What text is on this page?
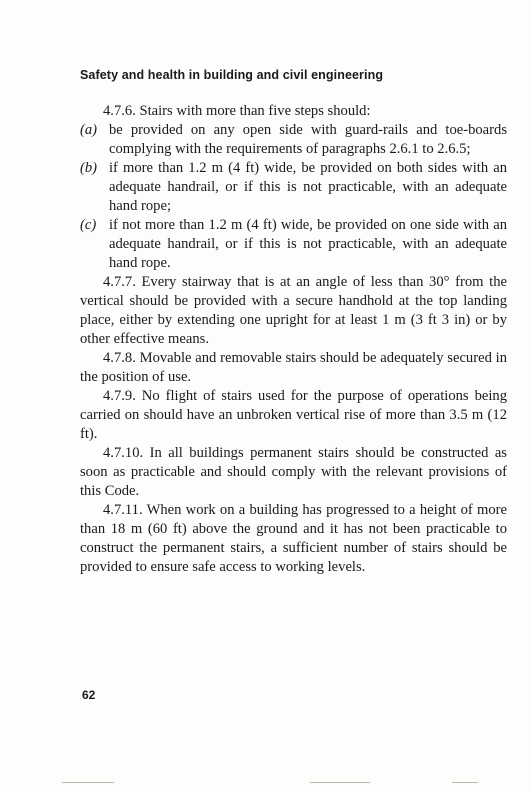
Safety and health in building and civil engineering

4.7.6. Stairs with more than five steps should:

(a) be provided on any open side with guard-rails and toe-boards complying with the requirements of paragraphs 2.6.1 to 2.6.5;
(b) if more than 1.2 m (4 ft) wide, be provided on both sides with an adequate handrail, or if this is not practicable, with an adequate hand rope;
(c) if not more than 1.2 m (4 ft) wide, be provided on one side with an adequate handrail, or if this is not practicable, with an adequate hand rope.

4.7.7. Every stairway that is at an angle of less than 30° from the vertical should be provided with a secure handhold at the top landing place, either by extending one upright for at least 1 m (3 ft 3 in) or by other effective means.

4.7.8. Movable and removable stairs should be adequately secured in the position of use.

4.7.9. No flight of stairs used for the purpose of operations being carried on should have an unbroken vertical rise of more than 3.5 m (12 ft).

4.7.10. In all buildings permanent stairs should be constructed as soon as practicable and should comply with the relevant provisions of this Code.

4.7.11. When work on a building has progressed to a height of more than 18 m (60 ft) above the ground and it has not been practicable to construct the permanent stairs, a sufficient number of stairs should be provided to ensure safe access to working levels.

62
